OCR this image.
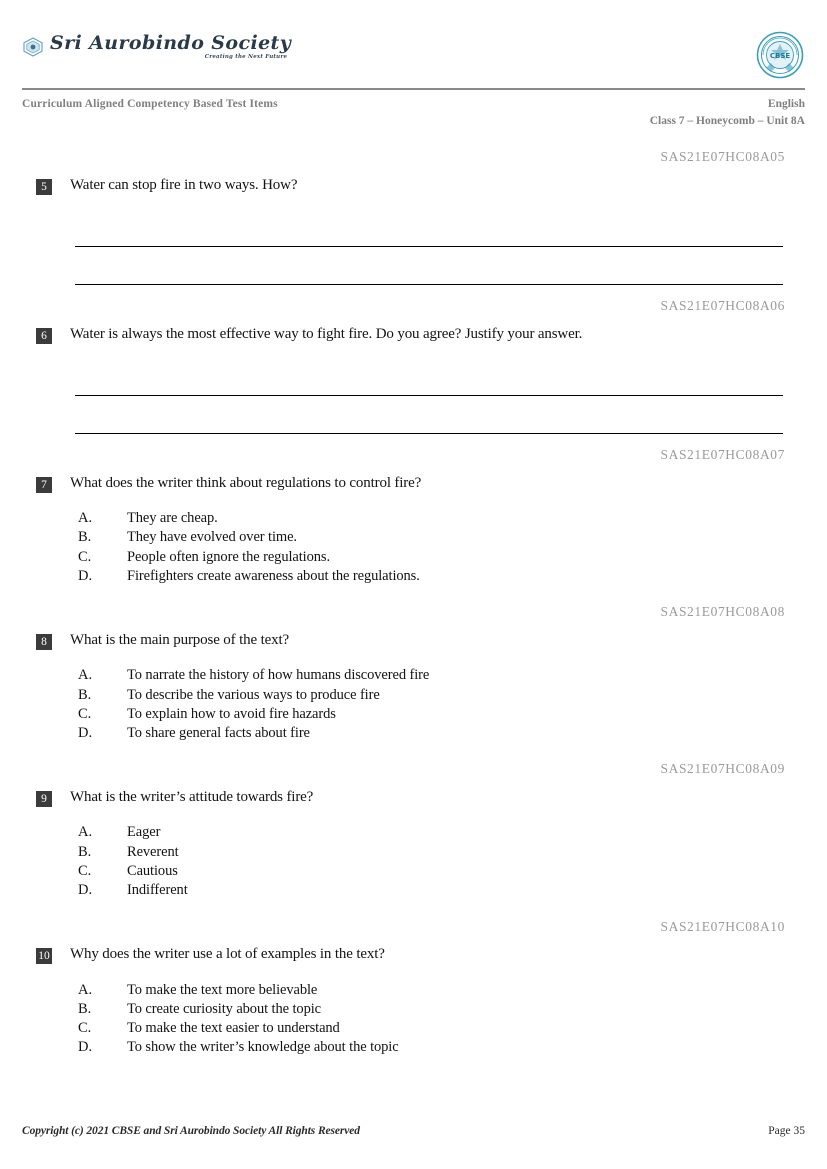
Sri Aurobindo Society
Creating the Next Future	CBSE
Curriculum Aligned Competency Based Test Items	English
Class 7 – Honeycomb – Unit 8A
SAS21E07HC08A05
5	Water can stop fire in two ways. How?
SAS21E07HC08A06
6	Water is always the most effective way to fight fire. Do you agree? Justify your answer.
SAS21E07HC08A07
7	What does the writer think about regulations to control fire?
A.	They are cheap.
B.	They have evolved over time.
C.	People often ignore the regulations.
D.	Firefighters create awareness about the regulations.
SAS21E07HC08A08
8	What is the main purpose of the text?
A.	To narrate the history of how humans discovered fire
B.	To describe the various ways to produce fire
C.	To explain how to avoid fire hazards
D.	To share general facts about fire
SAS21E07HC08A09
9	What is the writer’s attitude towards fire?
A.	Eager
B.	Reverent
C.	Cautious
D.	Indifferent
SAS21E07HC08A10
10 Why does the writer use a lot of examples in the text?
A.	To make the text more believable
B.	To create curiosity about the topic
C.	To make the text easier to understand
D.	To show the writer’s knowledge about the topic
Copyright (c) 2021 CBSE and Sri Aurobindo Society All Rights Reserved	Page 35
